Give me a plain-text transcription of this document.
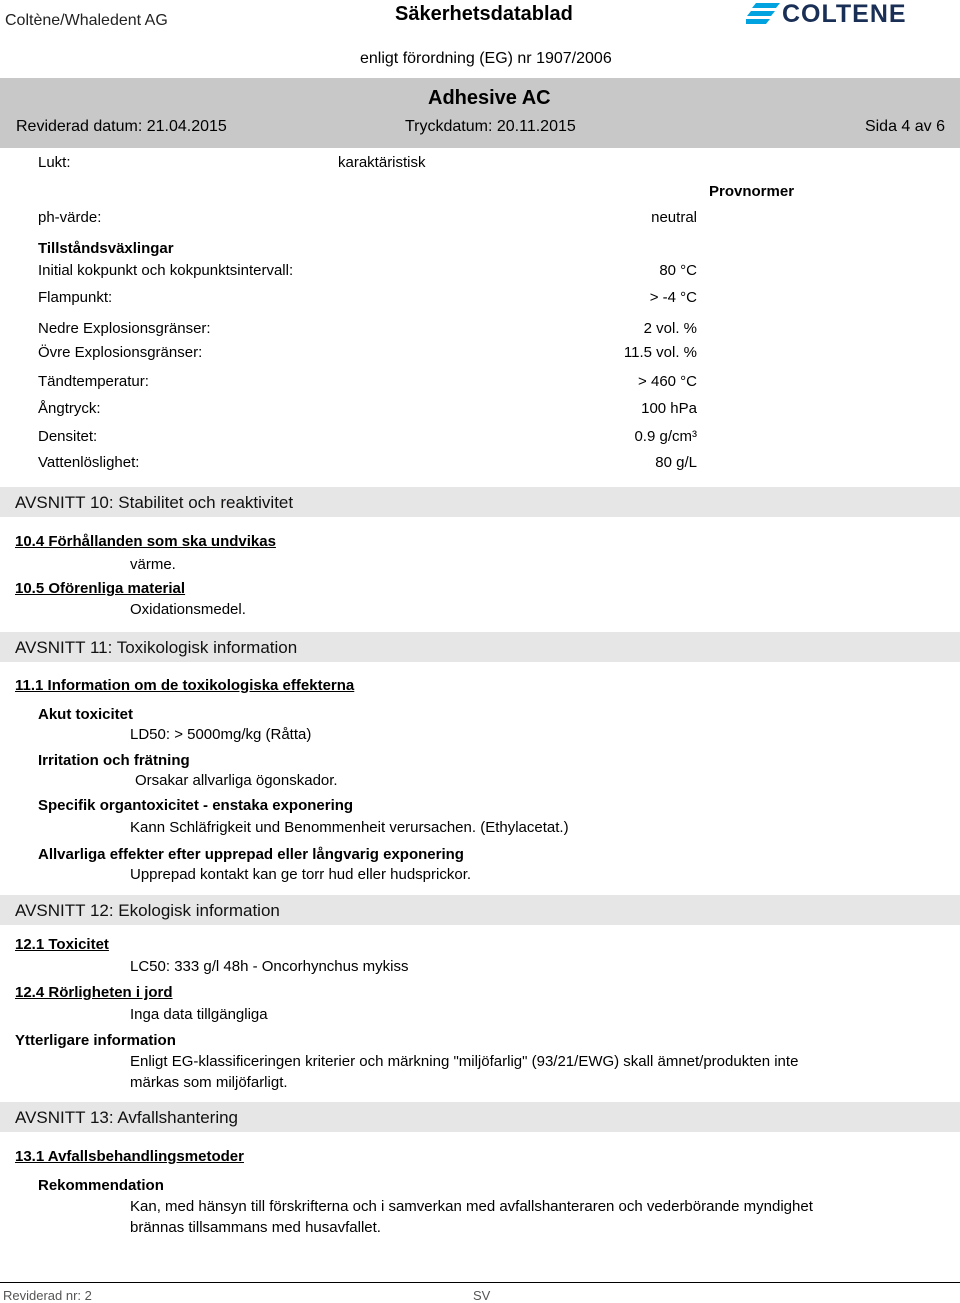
Coltène/Whaledent AG	Säkerhetsdatablad
enligt förordning (EG) nr 1907/2006
COLTENE
Adhesive AC
Reviderad datum: 21.04.2015	Tryckdatum: 20.11.2015	Sida 4 av 6
Lukt:	karaktäristisk
Provnormer
ph-värde:	neutral
Tillståndsväxlingar
Initial kokpunkt och kokpunktsintervall:	80 °C
Flampunkt:	> -4 °C
Nedre Explosionsgränser:	2 vol. %
Övre Explosionsgränser:	11.5 vol. %
Tändtemperatur:	> 460 °C
Ångtryck:	100 hPa
Densitet:	0.9 g/cm³
Vattenlöslighet:	80 g/L
AVSNITT 10: Stabilitet och reaktivitet
10.4 Förhållanden som ska undvikas
värme.
10.5 Oförenliga material
Oxidationsmedel.
AVSNITT 11: Toxikologisk information
11.1 Information om de toxikologiska effekterna
Akut toxicitet
LD50: > 5000mg/kg (Råtta)
Irritation och frätning
Orsakar allvarliga ögonskador.
Specifik organtoxicitet - enstaka exponering
Kann Schläfrigkeit und Benommenheit verursachen. (Ethylacetat.)
Allvarliga effekter efter upprepad eller långvarig exponering
Upprepad kontakt kan ge torr hud eller hudsprickor.
AVSNITT 12: Ekologisk information
12.1 Toxicitet
LC50: 333 g/l 48h - Oncorhynchus mykiss
12.4 Rörligheten i jord
Inga data tillgängliga
Ytterligare information
Enligt EG-klassificeringen kriterier och märkning "miljöfarlig" (93/21/EWG) skall ämnet/produkten inte
märkas som miljöfarligt.
AVSNITT 13: Avfallshantering
13.1 Avfallsbehandlingsmetoder
Rekommendation
Kan, med hänsyn till förskrifterna och i samverkan med avfallshanteraren och vederbörande myndighet
brännas tillsammans med husavfallet.
Reviderad nr: 2	SV
